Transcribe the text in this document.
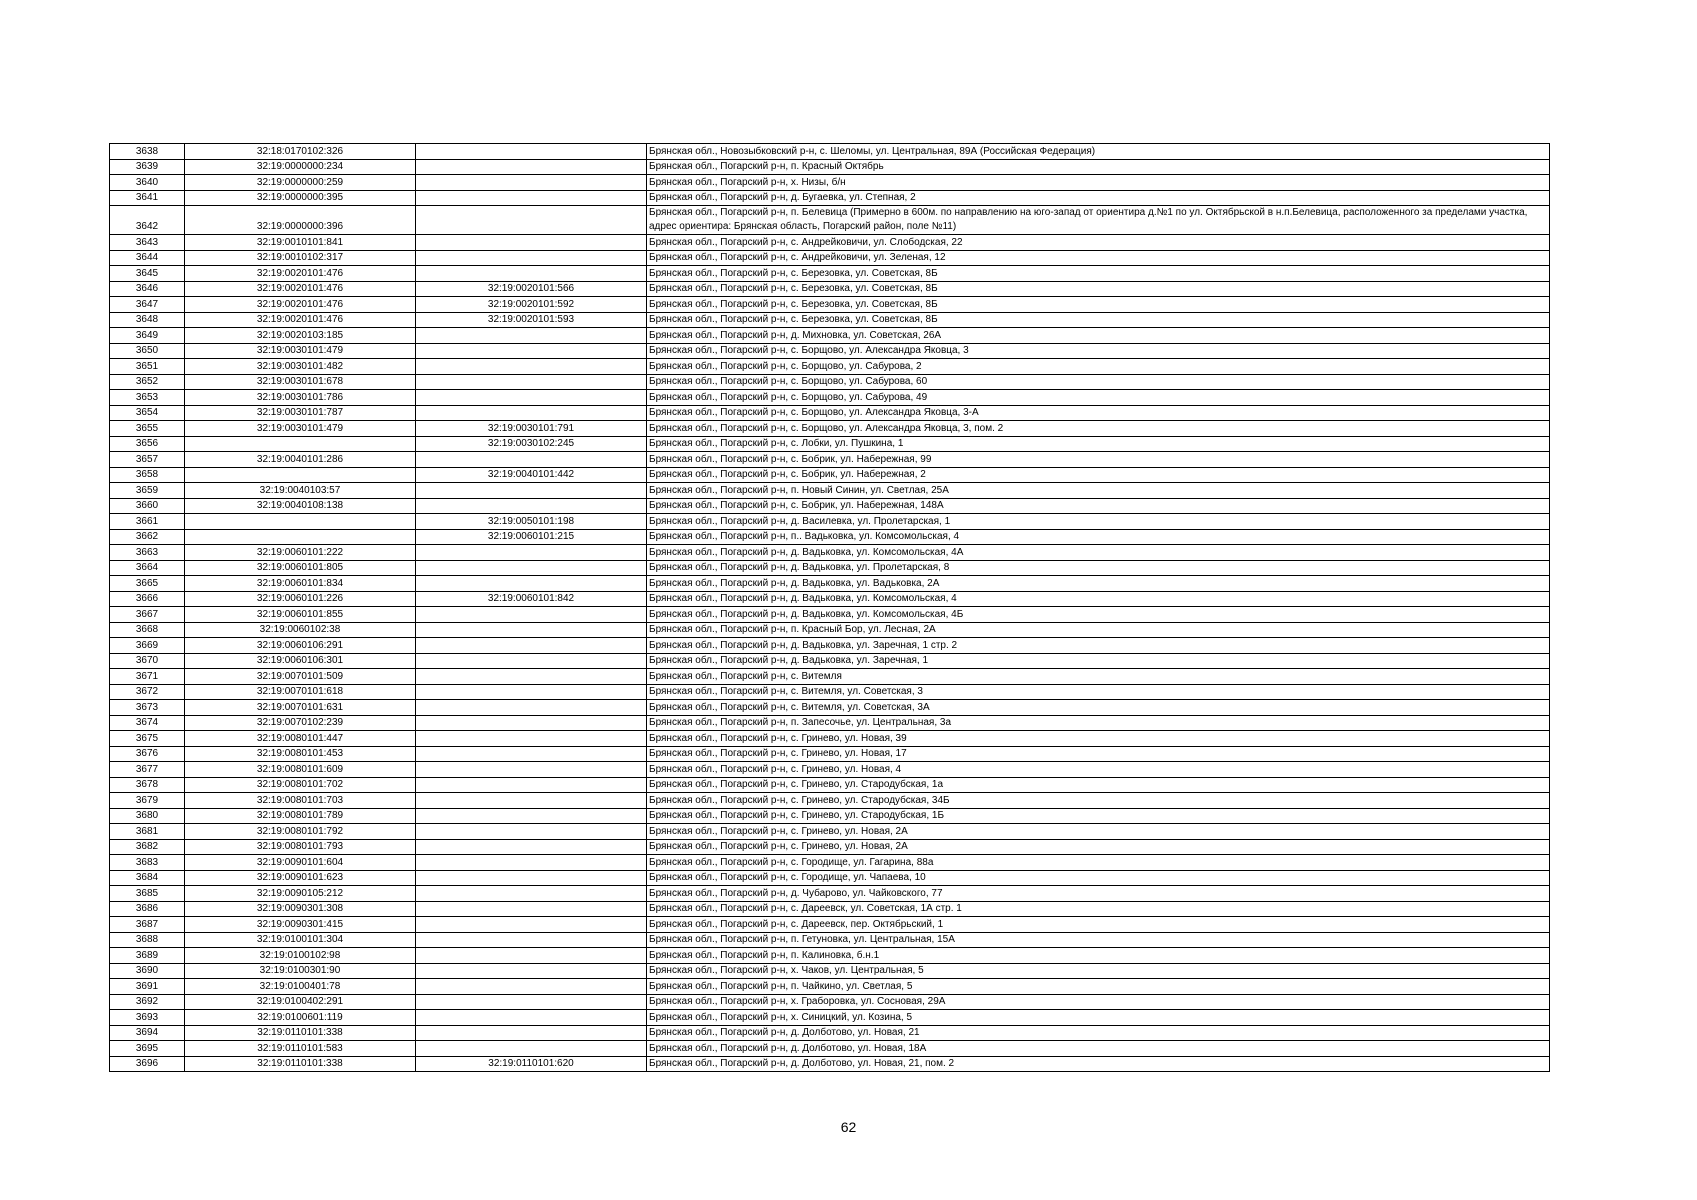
3638	32:18:0170102:326		Брянская обл., Новозыбковский р-н, с. Шеломы, ул. Центральная, 89А (Российская Федерация)
3639	32:19:0000000:234		Брянская обл., Погарский р-н, п. Красный Октябрь
3640	32:19:0000000:259		Брянская обл., Погарский р-н, х. Низы, б/н
3641	32:19:0000000:395		Брянская обл., Погарский р-н, д. Бугаевка, ул. Степная, 2
3642	32:19:0000000:396		Брянская обл., Погарский р-н, п. Белевица (Примерно в 600м. по направлению на юго-запад от ориентира д.№1 по ул. Октябрьской в н.п.Белевица, расположенного за пределами участка, адрес ориентира: Брянская область, Погарский район, поле №11)
3643	32:19:0010101:841		Брянская обл., Погарский р-н, с. Андрейковичи, ул. Слободская, 22
3644	32:19:0010102:317		Брянская обл., Погарский р-н, с. Андрейковичи, ул. Зеленая, 12
3645	32:19:0020101:476		Брянская обл., Погарский р-н, с. Березовка, ул. Советская, 8Б
3646	32:19:0020101:476	32:19:0020101:566	Брянская обл., Погарский р-н, с. Березовка, ул. Советская, 8Б
3647	32:19:0020101:476	32:19:0020101:592	Брянская обл., Погарский р-н, с. Березовка, ул. Советская, 8Б
3648	32:19:0020101:476	32:19:0020101:593	Брянская обл., Погарский р-н, с. Березовка, ул. Советская, 8Б
3649	32:19:0020103:185		Брянская обл., Погарский р-н, д. Михновка, ул. Советская, 26А
3650	32:19:0030101:479		Брянская обл., Погарский р-н, с. Борщово, ул. Александра Яковца, 3
3651	32:19:0030101:482		Брянская обл., Погарский р-н, с. Борщово, ул. Сабурова, 2
3652	32:19:0030101:678		Брянская обл., Погарский р-н, с. Борщово, ул. Сабурова, 60
3653	32:19:0030101:786		Брянская обл., Погарский р-н, с. Борщово, ул. Сабурова, 49
3654	32:19:0030101:787		Брянская обл., Погарский р-н, с. Борщово, ул. Александра Яковца, 3-А
3655	32:19:0030101:479	32:19:0030101:791	Брянская обл., Погарский р-н, с. Борщово, ул. Александра Яковца, 3, пом. 2
3656		32:19:0030102:245	Брянская обл., Погарский р-н, с. Лобки, ул. Пушкина, 1
3657	32:19:0040101:286		Брянская обл., Погарский р-н, с. Бобрик, ул. Набережная, 99
3658		32:19:0040101:442	Брянская обл., Погарский р-н, с. Бобрик, ул. Набережная, 2
3659	32:19:0040103:57		Брянская обл., Погарский р-н, п. Новый Синин, ул. Светлая, 25А
3660	32:19:0040108:138		Брянская обл., Погарский р-н, с. Бобрик, ул. Набережная, 148А
3661		32:19:0050101:198	Брянская обл., Погарский р-н, д. Василевка, ул. Пролетарская, 1
3662		32:19:0060101:215	Брянская обл., Погарский р-н, п.. Вадьковка, ул. Комсомольская, 4
3663	32:19:0060101:222		Брянская обл., Погарский р-н, д. Вадьковка, ул. Комсомольская, 4А
3664	32:19:0060101:805		Брянская обл., Погарский р-н, д. Вадьковка, ул. Пролетарская, 8
3665	32:19:0060101:834		Брянская обл., Погарский р-н, д. Вадьковка, ул. Вадьковка, 2А
3666	32:19:0060101:226	32:19:0060101:842	Брянская обл., Погарский р-н, д. Вадьковка, ул. Комсомольская, 4
3667	32:19:0060101:855		Брянская обл., Погарский р-н, д. Вадьковка, ул. Комсомольская, 4Б
3668	32:19:0060102:38		Брянская обл., Погарский р-н, п. Красный Бор, ул. Лесная, 2А
3669	32:19:0060106:291		Брянская обл., Погарский р-н, д. Вадьковка, ул. Заречная, 1 стр. 2
3670	32:19:0060106:301		Брянская обл., Погарский р-н, д. Вадьковка, ул. Заречная, 1
3671	32:19:0070101:509		Брянская обл., Погарский р-н, с. Витемля
3672	32:19:0070101:618		Брянская обл., Погарский р-н, с. Витемля, ул. Советская, 3
3673	32:19:0070101:631		Брянская обл., Погарский р-н, с. Витемля, ул. Советская, 3А
3674	32:19:0070102:239		Брянская обл., Погарский р-н, п. Запесочье, ул. Центральная, 3а
3675	32:19:0080101:447		Брянская обл., Погарский р-н, с. Гринево, ул. Новая, 39
3676	32:19:0080101:453		Брянская обл., Погарский р-н, с. Гринево, ул. Новая, 17
3677	32:19:0080101:609		Брянская обл., Погарский р-н, с. Гринево, ул. Новая, 4
3678	32:19:0080101:702		Брянская обл., Погарский р-н, с. Гринево, ул. Стародубская, 1а
3679	32:19:0080101:703		Брянская обл., Погарский р-н, с. Гринево, ул. Стародубская, 34Б
3680	32:19:0080101:789		Брянская обл., Погарский р-н, с. Гринево, ул. Стародубская, 1Б
3681	32:19:0080101:792		Брянская обл., Погарский р-н, с. Гринево, ул. Новая, 2А
3682	32:19:0080101:793		Брянская обл., Погарский р-н, с. Гринево, ул. Новая, 2А
3683	32:19:0090101:604		Брянская обл., Погарский р-н, с. Городище, ул. Гагарина, 88а
3684	32:19:0090101:623		Брянская обл., Погарский р-н, с. Городище, ул. Чапаева, 10
3685	32:19:0090105:212		Брянская обл., Погарский р-н, д. Чубарово, ул. Чайковского, 77
3686	32:19:0090301:308		Брянская обл., Погарский р-н, с. Дареевск, ул. Советская, 1А стр. 1
3687	32:19:0090301:415		Брянская обл., Погарский р-н, с. Дареевск, пер. Октябрьский, 1
3688	32:19:0100101:304		Брянская обл., Погарский р-н, п. Гетуновка, ул. Центральная, 15А
3689	32:19:0100102:98		Брянская обл., Погарский р-н, п. Калиновка, б.н.1
3690	32:19:0100301:90		Брянская обл., Погарский р-н, х. Чаков, ул. Центральная, 5
3691	32:19:0100401:78		Брянская обл., Погарский р-н, п. Чайкино, ул. Светлая, 5
3692	32:19:0100402:291		Брянская обл., Погарский р-н, х. Граборовка, ул. Сосновая, 29А
3693	32:19:0100601:119		Брянская обл., Погарский р-н, х. Синицкий, ул. Козина, 5
3694	32:19:0110101:338		Брянская обл., Погарский р-н, д. Долботово, ул. Новая, 21
3695	32:19:0110101:583		Брянская обл., Погарский р-н, д. Долботово, ул. Новая, 18А
3696	32:19:0110101:338	32:19:0110101:620	Брянская обл., Погарский р-н, д. Долботово, ул. Новая, 21, пом. 2
62
